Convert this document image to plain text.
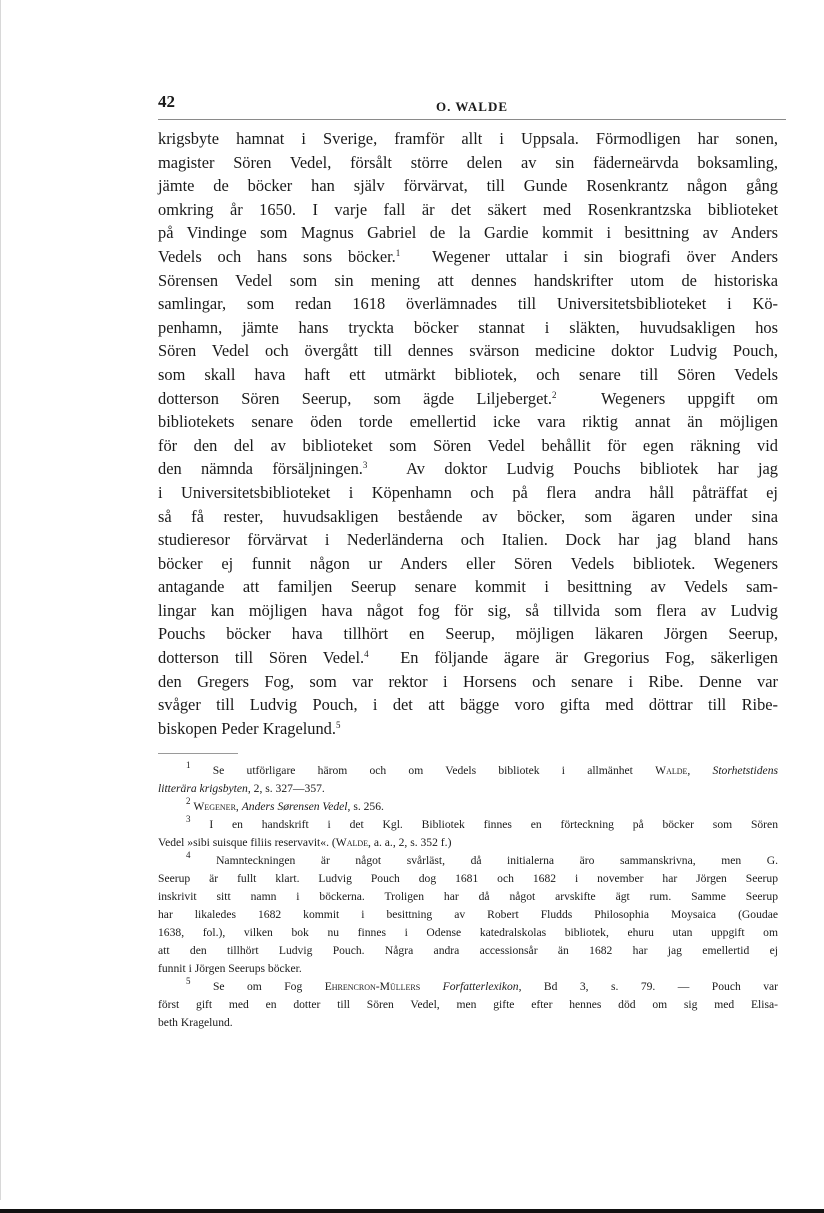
42	O. WALDE
krigsbyte hamnat i Sverige, framför allt i Uppsala. Förmodligen har sonen,
magister Sören Vedel, försålt större delen av sin fäderneärvda boksamling,
jämte de böcker han själv förvärvat, till Gunde Rosenkrantz någon gång
omkring år 1650. I varje fall är det säkert med Rosenkrantzska biblioteket
på Vindinge som Magnus Gabriel de la Gardie kommit i besittning av Anders
Vedels och hans sons böcker.$^1$ Wegener uttalar i sin biografi över Anders
Sörensen Vedel som sin mening att dennes handskrifter utom de historiska
samlingar, som redan 1618 överlämnades till Universitetsbiblioteket i Kö-
penhamn, jämte hans tryckta böcker stannat i släkten, huvudsakligen hos
Sören Vedel och övergått till dennes svärson medicine doktor Ludvig Pouch,
som skall hava haft ett utmärkt bibliotek, och senare till Sören Vedels
dotterson Sören Seerup, som ägde Liljeberget.$^2$	Wegeners uppgift om
bibliotekets senare öden torde emellertid icke vara riktig annat än möjligen
för den del av biblioteket som Sören Vedel behållit för egen räkning vid
den nämnda försäljningen.$^3$ Av doktor Ludvig Pouchs bibliotek har jag
i Universitetsbiblioteket i Köpenhamn och på flera andra håll påträffat ej
så få rester, huvudsakligen bestående av böcker, som ägaren under sina
studieresor förvärvat i Nederländerna och Italien. Dock har jag bland hans
böcker ej funnit någon ur Anders eller Sören Vedels bibliotek. Wegeners
antagande att familjen Seerup senare kommit i besittning av Vedels sam-
lingar kan möjligen hava något fog för sig, så tillvida som flera av Ludvig
Pouchs böcker hava tillhört en Seerup, möjligen läkaren Jörgen Seerup,
dotterson till Sören Vedel.$^4$ En följande ägare är Gregorius Fog, säkerligen
den Gregers Fog, som var rektor i Horsens och senare i Ribe. Denne var
svåger till Ludvig Pouch, i det att bägge voro gifta med döttrar till Ribe-
biskopen Peder Kragelund.$^5$
$^1$ Se utförligare härom och om Vedels bibliotek i allmänhet Walde, Storhetstidens
litterära krigsbyten, 2, s. 327—357.
$^2$ Wegener, Anders Sørensen Vedel, s. 256.
$^3$ I en handskrift i det Kgl. Bibliotek finnes en förteckning på böcker som Sören
Vedel »sibi suisque filiis reservavit«. (Walde, a. a., 2, s. 352 f.)
$^4$ Namnteckningen är något svårläst, då initialerna äro sammanskrivna, men G.
Seerup är fullt klart. Ludvig Pouch dog 1681 och 1682 i november har Jörgen Seerup
inskrivit sitt namn i böckerna. Troligen har då något arvskifte ägt rum. Samme Seerup
har likaledes 1682 kommit i besittning av Robert Fludds Philosophia Moysaica (Goudae
1638, fol.), vilken bok nu finnes i Odense katedralskolas bibliotek, ehuru utan uppgift om
att den tillhört Ludvig Pouch. Några andra accessionsår än 1682 har jag emellertid ej
funnit i Jörgen Seerups böcker.
$^5$ Se om Fog Ehrencron-Müllers Forfatterlexikon, Bd 3, s. 79. — Pouch var
först gift med en dotter till Sören Vedel, men gifte efter hennes död om sig med Elisa-
beth Kragelund.
